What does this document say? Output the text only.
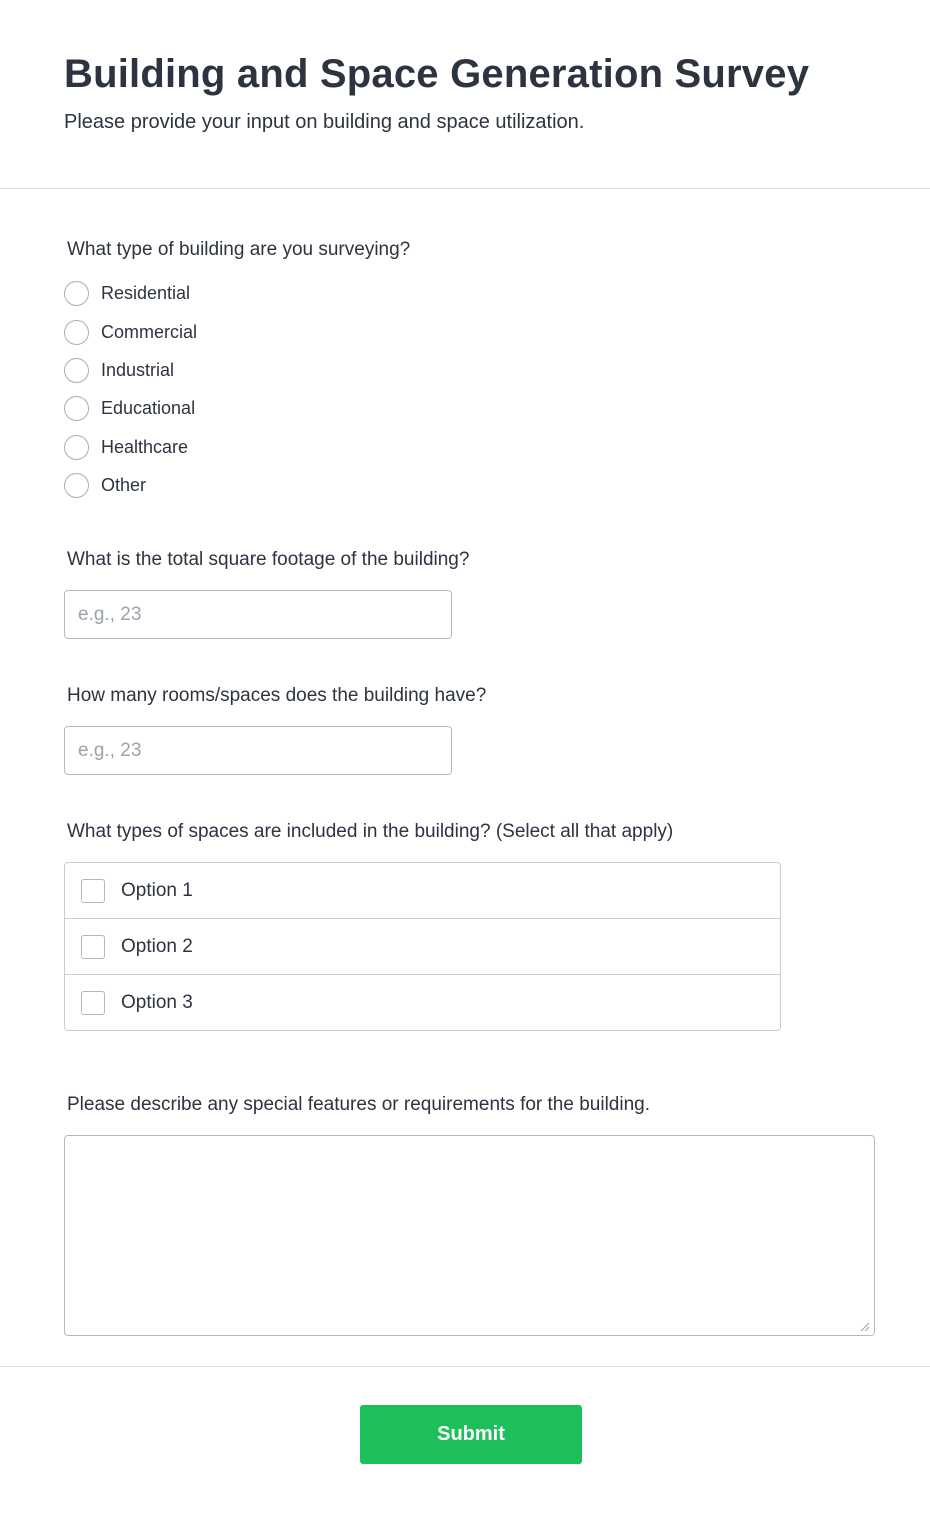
Building and Space Generation Survey

Please provide your input on building and space utilization.

What type of building are you surveying?
Residential
Commercial
Industrial
Educational
Healthcare
Other
What is the total square footage of the building?
e.g., 23
How many rooms/spaces does the building have?
e.g., 23
What types of spaces are included in the building? (Select all that apply)
Option 1
Option 2
Option 3
Please describe any special features or requirements for the building.
Submit
